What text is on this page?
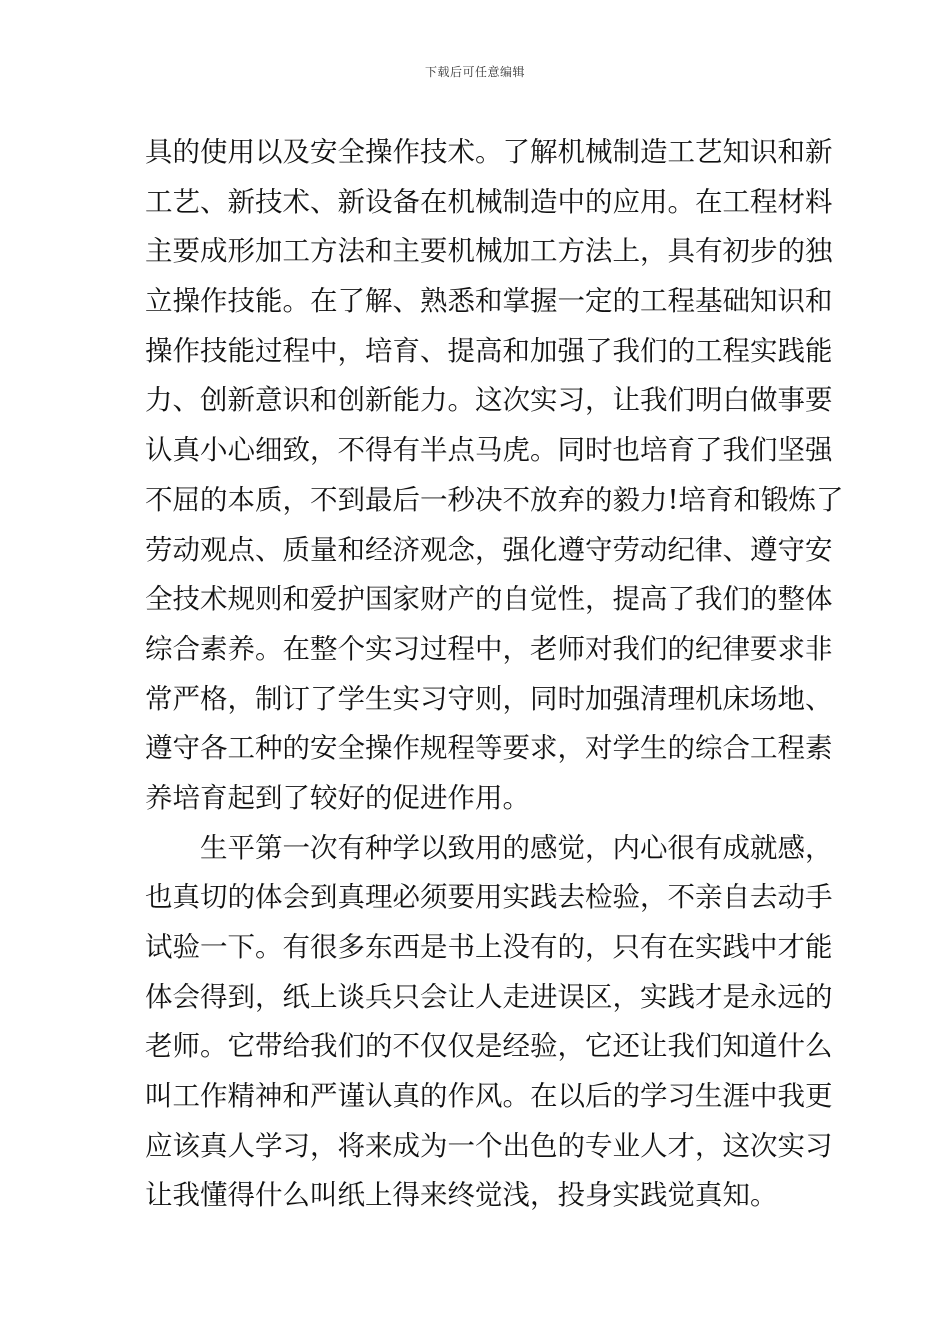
下载后可任意编辑
具的使用以及安全操作技术。了解机械制造工艺知识和新
工艺、新技术、新设备在机械制造中的应用。在工程材料
主要成形加工方法和主要机械加工方法上，具有初步的独
立操作技能。在了解、熟悉和掌握一定的工程基础知识和
操作技能过程中，培育、提高和加强了我们的工程实践能
力、创新意识和创新能力。这次实习，让我们明白做事要
认真小心细致，不得有半点马虎。同时也培育了我们坚强
不屈的本质，不到最后一秒决不放弃的毅力!培育和锻炼了
劳动观点、质量和经济观念，强化遵守劳动纪律、遵守安
全技术规则和爱护国家财产的自觉性，提高了我们的整体
综合素养。在整个实习过程中，老师对我们的纪律要求非
常严格，制订了学生实习守则，同时加强清理机床场地、
遵守各工种的安全操作规程等要求，对学生的综合工程素
养培育起到了较好的促进作用。
生平第一次有种学以致用的感觉，内心很有成就感，
也真切的体会到真理必须要用实践去检验，不亲自去动手
试验一下。有很多东西是书上没有的，只有在实践中才能
体会得到，纸上谈兵只会让人走进误区，实践才是永远的
老师。它带给我们的不仅仅是经验，它还让我们知道什么
叫工作精神和严谨认真的作风。在以后的学习生涯中我更
应该真人学习，将来成为一个出色的专业人才，这次实习
让我懂得什么叫纸上得来终觉浅，投身实践觉真知。
